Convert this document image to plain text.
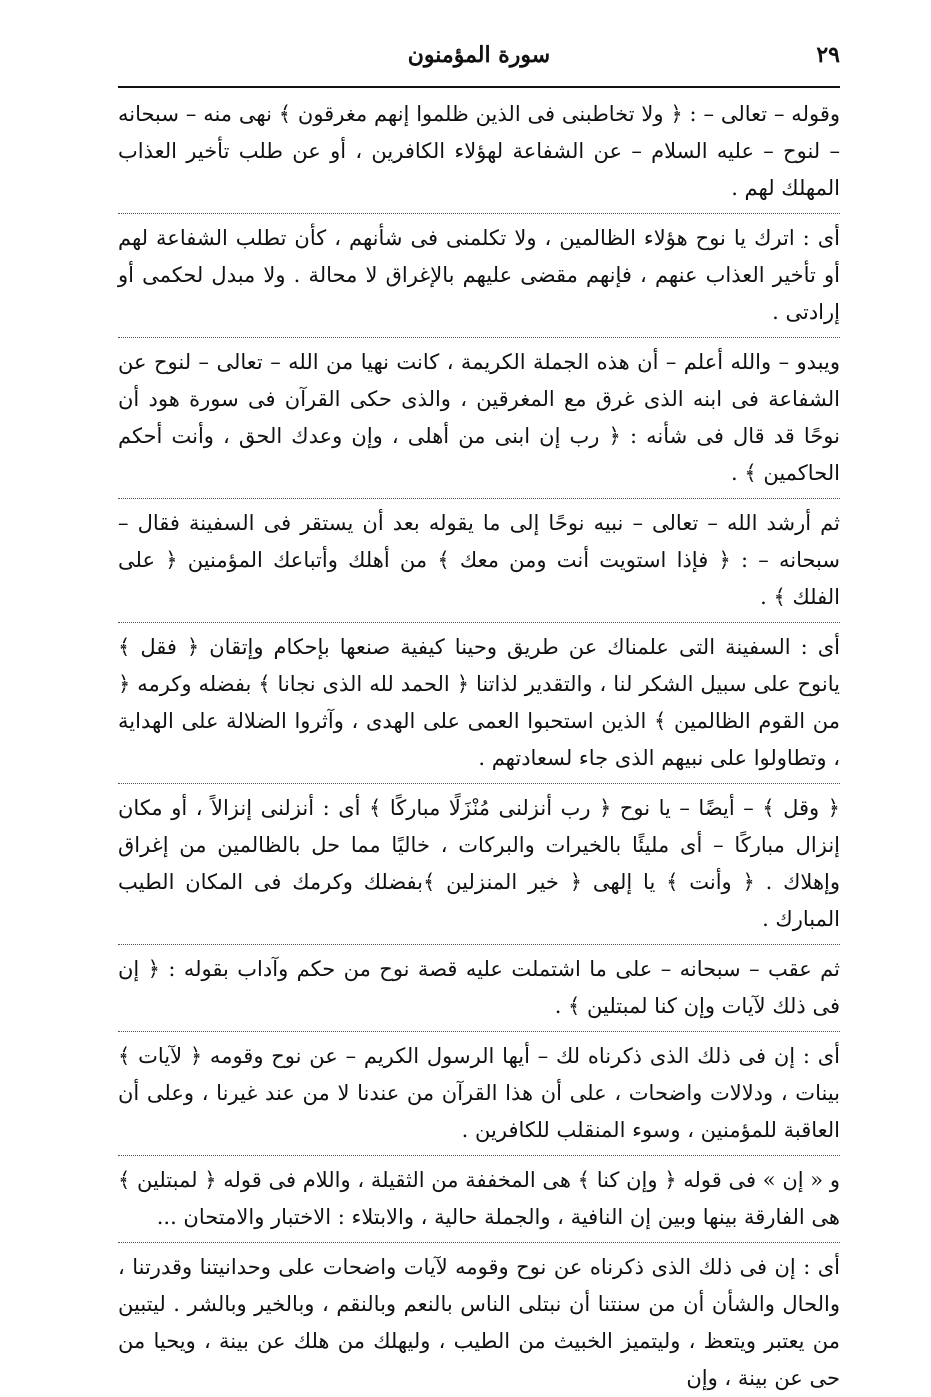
٢٩
سورة المؤمنون

وقوله – تعالى – : ﴿ ولا تخاطبنى فى الذين ظلموا إنهم مغرقون ﴾ نهى منه – سبحانه – لنوح – عليه السلام – عن الشفاعة لهؤلاء الكافرين ، أو عن طلب تأخير العذاب المهلك لهم .

أى : اترك يا نوح هؤلاء الظالمين ، ولا تكلمنى فى شأنهم ، كأن تطلب الشفاعة لهم أو تأخير العذاب عنهم ، فإنهم مقضى عليهم بالإغراق لا محالة . ولا مبدل لحكمى أو إرادتى .

ويبدو – والله أعلم – أن هذه الجملة الكريمة ، كانت نهيا من الله – تعالى – لنوح عن الشفاعة فى ابنه الذى غرق مع المغرقين ، والذى حكى القرآن فى سورة هود أن نوحًا قد قال فى شأنه : ﴿ رب إن ابنى من أهلى ، وإن وعدك الحق ، وأنت أحكم الحاكمين ﴾ .

ثم أرشد الله – تعالى – نبيه نوحًا إلى ما يقوله بعد أن يستقر فى السفينة فقال – سبحانه – : ﴿ فإذا استويت أنت ومن معك ﴾ من أهلك وأتباعك المؤمنين ﴿ على الفلك ﴾ .

أى : السفينة التى علمناك عن طريق وحينا كيفية صنعها بإحكام وإتقان ﴿ فقل ﴾ يانوح على سبيل الشكر لنا ، والتقدير لذاتنا ﴿ الحمد لله الذى نجانا ﴾ بفضله وكرمه ﴿ من القوم الظالمين ﴾ الذين استحبوا العمى على الهدى ، وآثروا الضلالة على الهداية ، وتطاولوا على نبيهم الذى جاء لسعادتهم .

﴿ وقل ﴾ – أيضًا – يا نوح ﴿ رب أنزلنى مُنْزَلًا مباركًا ﴾ أى : أنزلنى إنزالاً ، أو مكان إنزال مباركًا – أى مليئًا بالخيرات والبركات ، خاليًا مما حل بالظالمين من إغراق وإهلاك . ﴿ وأنت ﴾ يا إلهى ﴿ خير المنزلين ﴾بفضلك وكرمك فى المكان الطيب المبارك .

ثم عقب – سبحانه – على ما اشتملت عليه قصة نوح من حكم وآداب بقوله : ﴿ إن فى ذلك لآيات وإن كنا لمبتلين ﴾ .

أى : إن فى ذلك الذى ذكرناه لك – أيها الرسول الكريم – عن نوح وقومه ﴿ لآيات ﴾ بينات ، ودلالات واضحات ، على أن هذا القرآن من عندنا لا من عند غيرنا ، وعلى أن العاقبة للمؤمنين ، وسوء المنقلب للكافرين .

و « إن » فى قوله ﴿ وإن كنا ﴾ هى المخففة من الثقيلة ، واللام فى قوله ﴿ لمبتلين ﴾ هى الفارقة بينها وبين إن النافية ، والجملة حالية ، والابتلاء : الاختبار والامتحان ...

أى : إن فى ذلك الذى ذكرناه عن نوح وقومه لآيات واضحات على وحدانيتنا وقدرتنا ، والحال والشأن أن من سنتنا أن نبتلى الناس بالنعم وبالنقم ، وبالخير وبالشر . ليتبين من يعتبر ويتعظ ، وليتميز الخبيث من الطيب ، وليهلك من هلك عن بينة ، ويحيا من حى عن بينة ، وإن
